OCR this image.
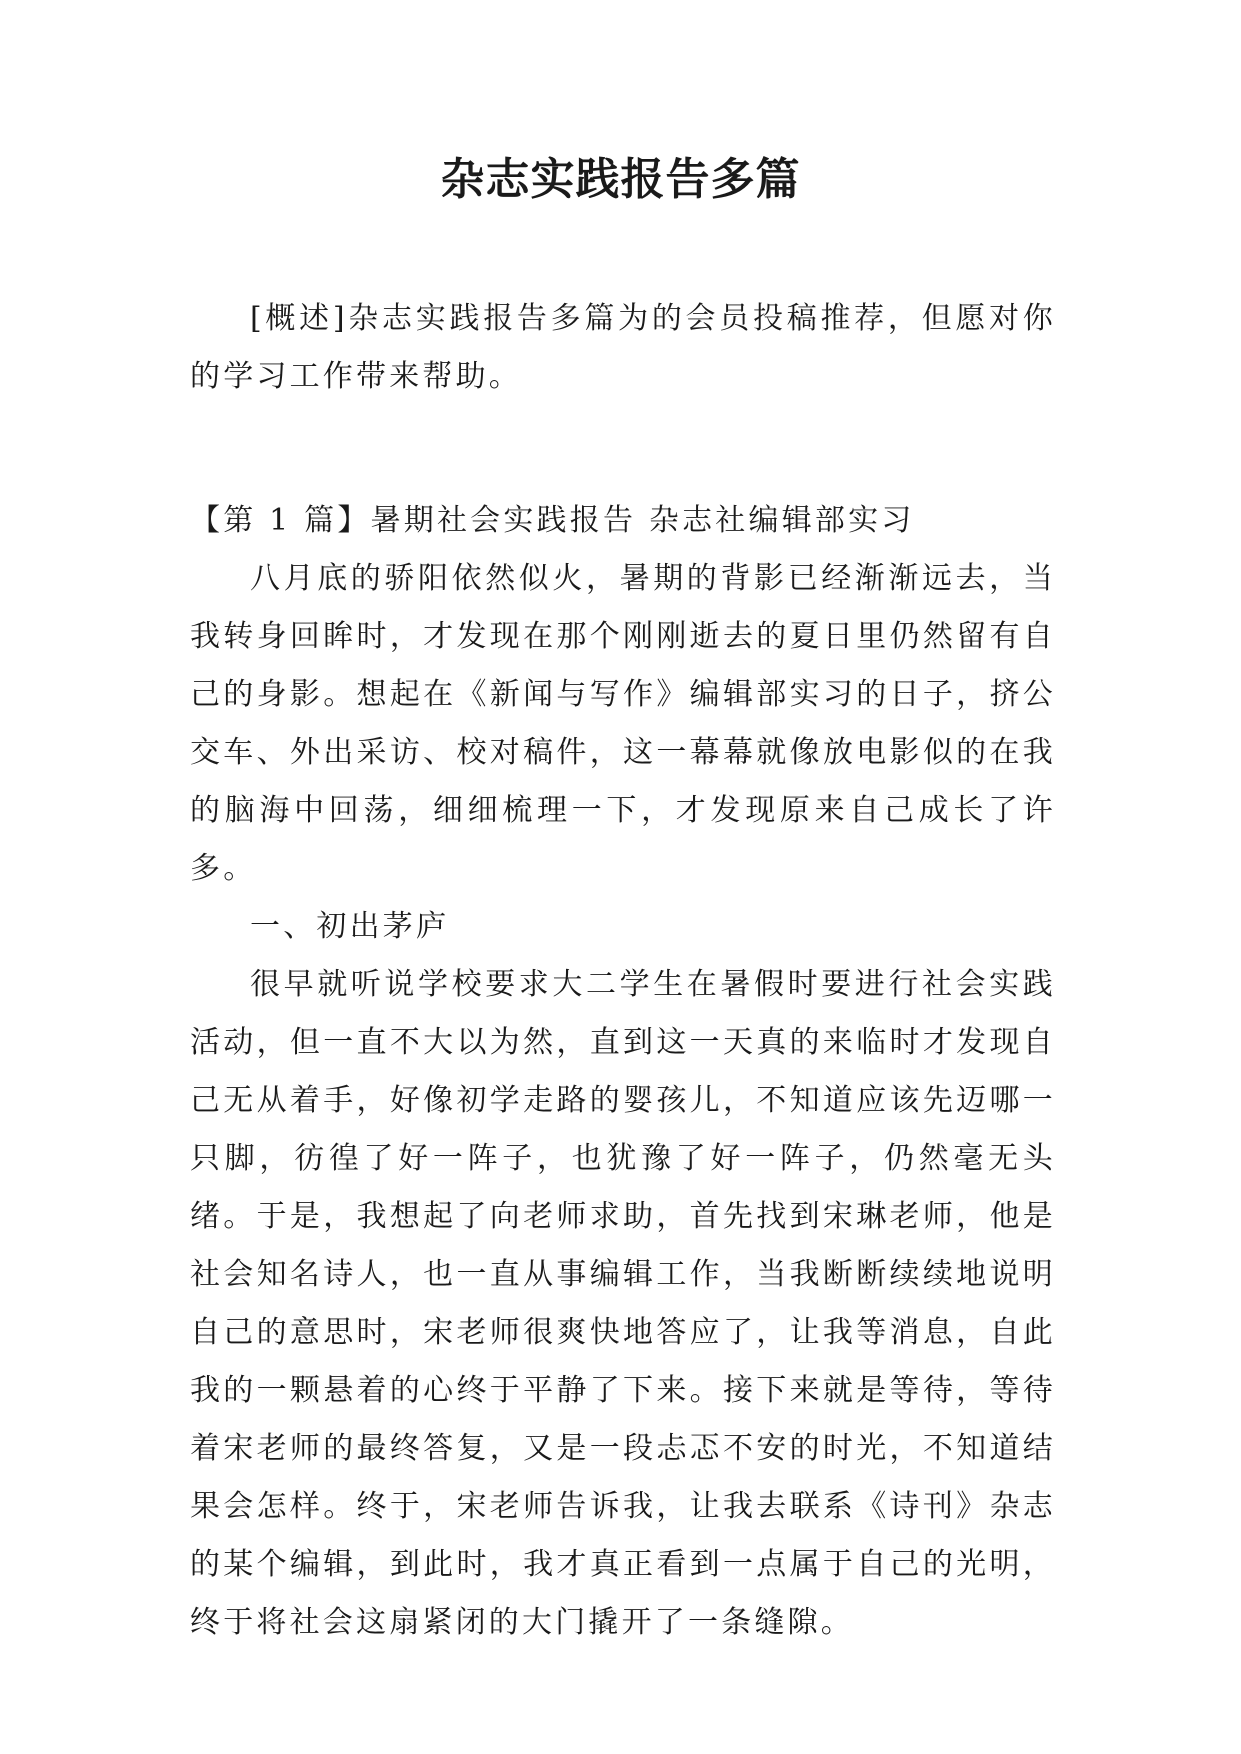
杂志实践报告多篇

[概述]杂志实践报告多篇为的会员投稿推荐，但愿对你的学习工作带来帮助。

【第 1 篇】暑期社会实践报告 杂志社编辑部实习

八月底的骄阳依然似火，暑期的背影已经渐渐远去，当我转身回眸时，才发现在那个刚刚逝去的夏日里仍然留有自己的身影。想起在《新闻与写作》编辑部实习的日子，挤公交车、外出采访、校对稿件，这一幕幕就像放电影似的在我的脑海中回荡，细细梳理一下，才发现原来自己成长了许多。

一、初出茅庐

很早就听说学校要求大二学生在暑假时要进行社会实践活动，但一直不大以为然，直到这一天真的来临时才发现自己无从着手，好像初学走路的婴孩儿，不知道应该先迈哪一只脚，彷徨了好一阵子，也犹豫了好一阵子，仍然毫无头绪。于是，我想起了向老师求助，首先找到宋琳老师，他是社会知名诗人，也一直从事编辑工作，当我断断续续地说明自己的意思时，宋老师很爽快地答应了，让我等消息，自此我的一颗悬着的心终于平静了下来。接下来就是等待，等待着宋老师的最终答复，又是一段忐忑不安的时光，不知道结果会怎样。终于，宋老师告诉我，让我去联系《诗刊》杂志的某个编辑，到此时，我才真正看到一点属于自己的光明，终于将社会这扇紧闭的大门撬开了一条缝隙。
